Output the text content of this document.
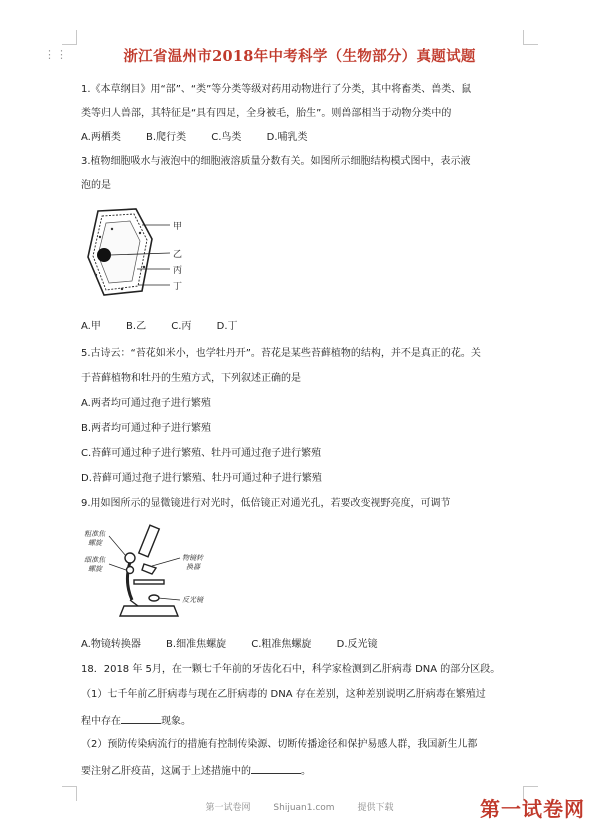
⋮⋮	浙江省温州市2018年中考科学（生物部分）真题试题
1.《本草纲目》用“部”、“类”等分类等级对药用动物进行了分类，其中将畜类、兽类、鼠
类等归人兽部，其特征是“具有四足，全身被毛，胎生”。则兽部相当于动物分类中的
A.两栖类	B.爬行类	C.鸟类	D.哺乳类
3.植物细胞吸水与液泡中的细胞液溶质量分数有关。如图所示细胞结构模式图中，表示液
泡的是
甲
乙
丙
丁
A.甲	B.乙	C.丙	D.丁
5.古诗云：“苔花如米小，也学牡丹开”。苔花是某些苔藓植物的结构，并不是真正的花。关
于苔藓植物和牡丹的生殖方式，下列叙述正确的是
A.两者均可通过孢子进行繁殖
B.两者均可通过种子进行繁殖
C.苔藓可通过种子进行繁殖、牡丹可通过孢子进行繁殖
D.苔藓可通过孢子进行繁殖、牡丹可通过种子进行繁殖
9.用如图所示的显微镜进行对光时，低倍镜正对通光孔，若要改变视野亮度，可调节
粗准焦
螺旋
细准焦
螺旋
物镜转
换器
反光镜
A.物镜转换器	B.细准焦螺旋	C.粗准焦螺旋	D.反光镜
18．2018 年 5月，在一颗七千年前的牙齿化石中，科学家检测到乙肝病毒 DNA 的部分区段。
（1）七千年前乙肝病毒与现在乙肝病毒的 DNA 存在差别，这种差别说明乙肝病毒在繁殖过
程中存在	现象。
（2）预防传染病流行的措施有控制传染源、切断传播途径和保护易感人群，我国新生儿都
要注射乙肝疫苗，这属于上述措施中的	。
第一试卷网	Shijuan1.com	提供下载	第一试卷网
